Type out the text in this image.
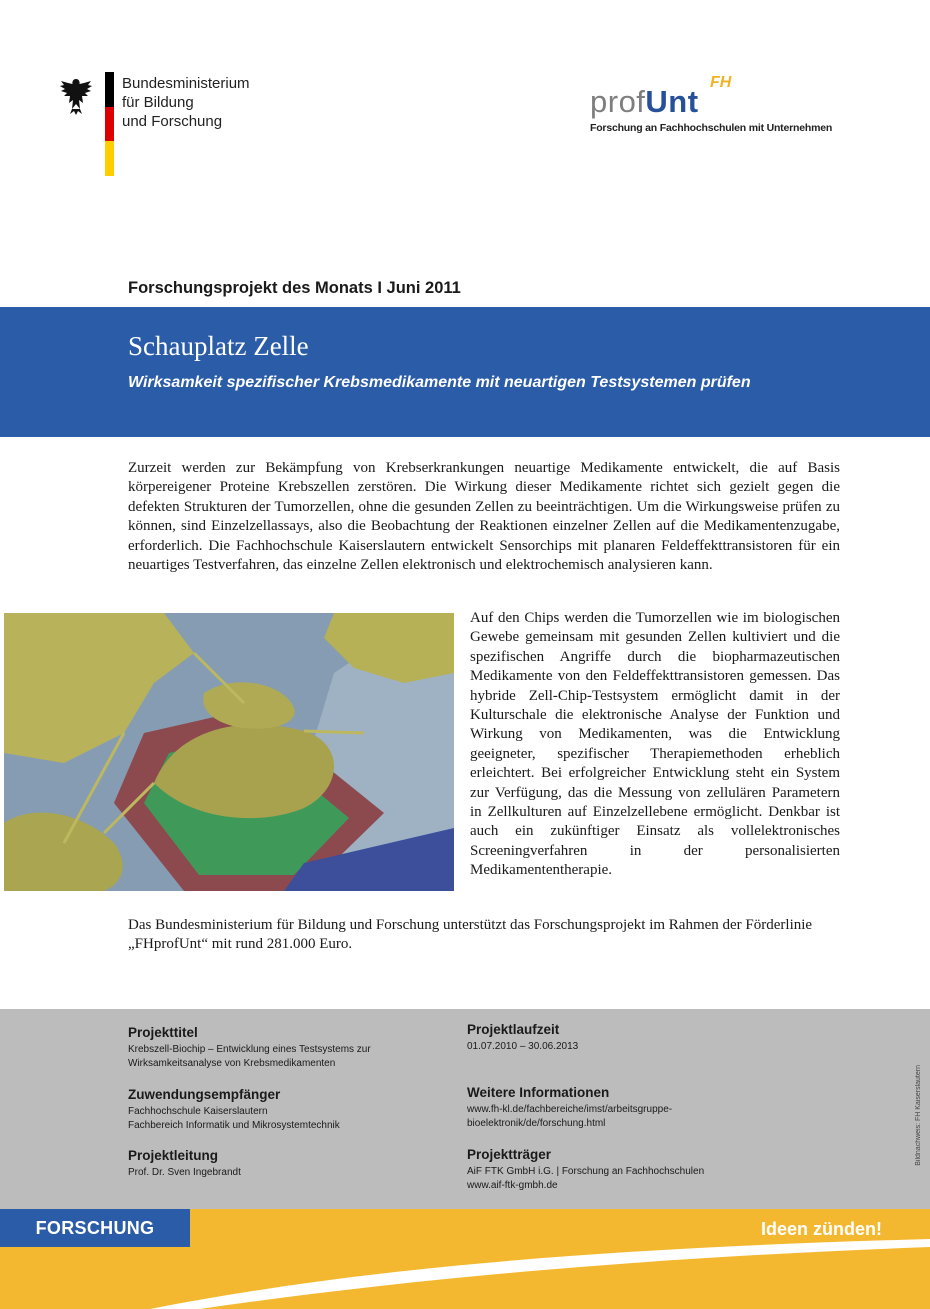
Bundesministerium
für Bildung
und Forschung
profUnt
FH
Forschung an Fachhochschulen mit Unternehmen
Forschungsprojekt des Monats I Juni 2011
Schauplatz Zelle
Wirksamkeit spezifischer Krebsmedikamente mit neuartigen Testsystemen prüfen
Zurzeit werden zur Bekämpfung von Krebserkrankungen neuartige Medikamente entwickelt, die auf Basis körpereigener Proteine Krebszellen zerstören. Die Wirkung dieser Medikamente richtet sich gezielt gegen die defekten Strukturen der Tumorzellen, ohne die gesunden Zellen zu beeinträchtigen. Um die Wirkungsweise prüfen zu können, sind Einzelzellassays, also die Beobachtung der Reaktionen einzelner Zellen auf die Medikamentenzugabe, erforderlich. Die Fachhochschule Kaiserslautern entwickelt Sensorchips mit planaren Feldeffekttransistoren für ein neuartiges Testverfahren, das einzelne Zellen elektronisch und elektrochemisch analysieren kann.
Auf den Chips werden die Tumorzellen wie im biologischen Gewebe gemeinsam mit gesunden Zellen kultiviert und die spezifischen Angriffe durch die biopharmazeutischen Medikamente von den Feldeffekttransistoren gemessen. Das hybride Zell-Chip-Testsystem ermöglicht damit in der Kulturschale die elektronische Analyse der Funktion und Wirkung von Medikamenten, was die Entwicklung geeigneter, spezifischer Therapiemethoden erheblich erleichtert. Bei erfolgreicher Entwicklung steht ein System zur Verfügung, das die Messung von zellulären Parametern in Zellkulturen auf Einzelzellebene ermöglicht. Denkbar ist auch ein zukünftiger Einsatz als vollelektronisches Screeningverfahren in der personalisierten Medikamententherapie.
Das Bundesministerium für Bildung und Forschung unterstützt das Forschungsprojekt im Rahmen der Förderlinie „FHprofUnt“ mit rund 281.000 Euro.
Projekttitel
Krebszell-Biochip – Entwicklung eines Testsystems zur
Wirksamkeitsanalyse von Krebsmedikamenten
Zuwendungsempfänger
Fachhochschule Kaiserslautern
Fachbereich Informatik und Mikrosystemtechnik
Projektleitung
Prof. Dr. Sven Ingebrandt
Projektlaufzeit
01.07.2010 – 30.06.2013
Weitere Informationen
www.fh-kl.de/fachbereiche/imst/arbeitsgruppe-
bioelektronik/de/forschung.html
Projektträger
AiF FTK GmbH i.G. | Forschung an Fachhochschulen
www.aif-ftk-gmbh.de
Bildnachweis: FH Kaiserslautern
FORSCHUNG	Ideen zünden!
